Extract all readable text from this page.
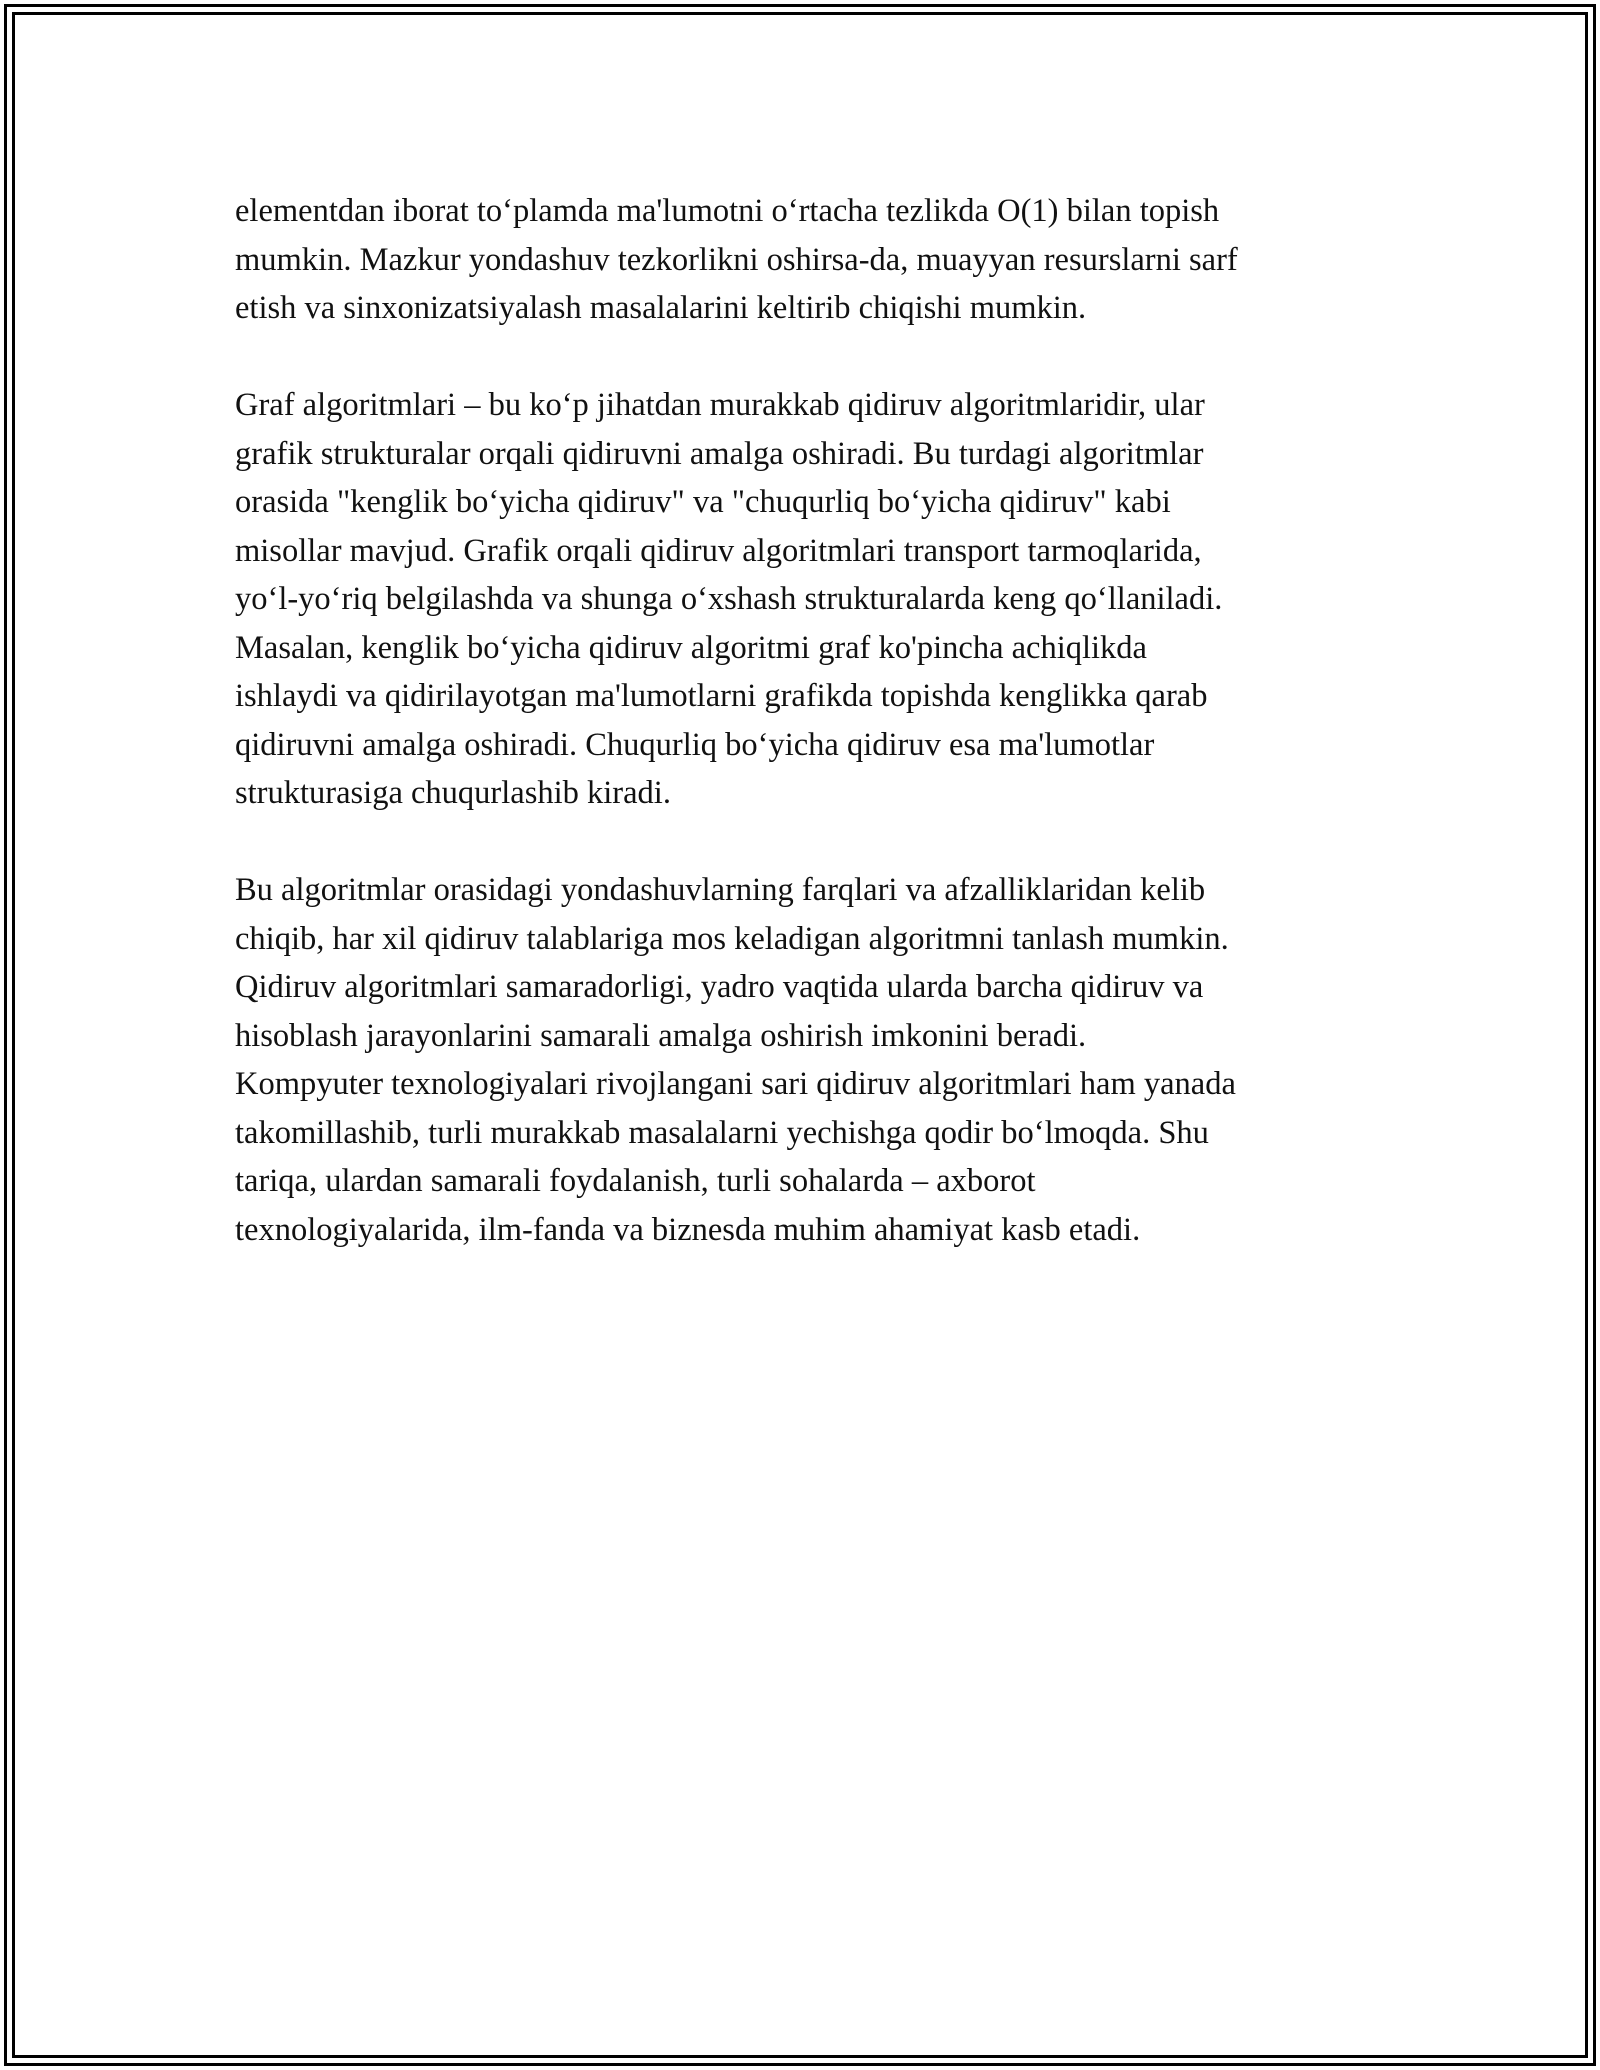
elementdan iborat to‘plamda ma'lumotni o‘rtacha tezlikda O(1) bilan topish
mumkin. Mazkur yondashuv tezkorlikni oshirsa-da, muayyan resurslarni sarf
etish va sinxonizatsiyalash masalalarini keltirib chiqishi mumkin.

Graf algoritmlari – bu ko‘p jihatdan murakkab qidiruv algoritmlaridir, ular
grafik strukturalar orqali qidiruvni amalga oshiradi. Bu turdagi algoritmlar
orasida "kenglik bo‘yicha qidiruv" va "chuqurliq bo‘yicha qidiruv" kabi
misollar mavjud. Grafik orqali qidiruv algoritmlari transport tarmoqlarida,
yo‘l-yo‘riq belgilashda va shunga o‘xshash strukturalarda keng qo‘llaniladi.
Masalan, kenglik bo‘yicha qidiruv algoritmi graf ko'pincha achiqlikda
ishlaydi va qidirilayotgan ma'lumotlarni grafikda topishda kenglikka qarab
qidiruvni amalga oshiradi. Chuqurliq bo‘yicha qidiruv esa ma'lumotlar
strukturasiga chuqurlashib kiradi.

Bu algoritmlar orasidagi yondashuvlarning farqlari va afzalliklaridan kelib
chiqib, har xil qidiruv talablariga mos keladigan algoritmni tanlash mumkin.
Qidiruv algoritmlari samaradorligi, yadro vaqtida ularda barcha qidiruv va
hisoblash jarayonlarini samarali amalga oshirish imkonini beradi.
Kompyuter texnologiyalari rivojlangani sari qidiruv algoritmlari ham yanada
takomillashib, turli murakkab masalalarni yechishga qodir bo‘lmoqda. Shu
tariqa, ulardan samarali foydalanish, turli sohalarda – axborot
texnologiyalarida, ilm-fanda va biznesda muhim ahamiyat kasb etadi.
